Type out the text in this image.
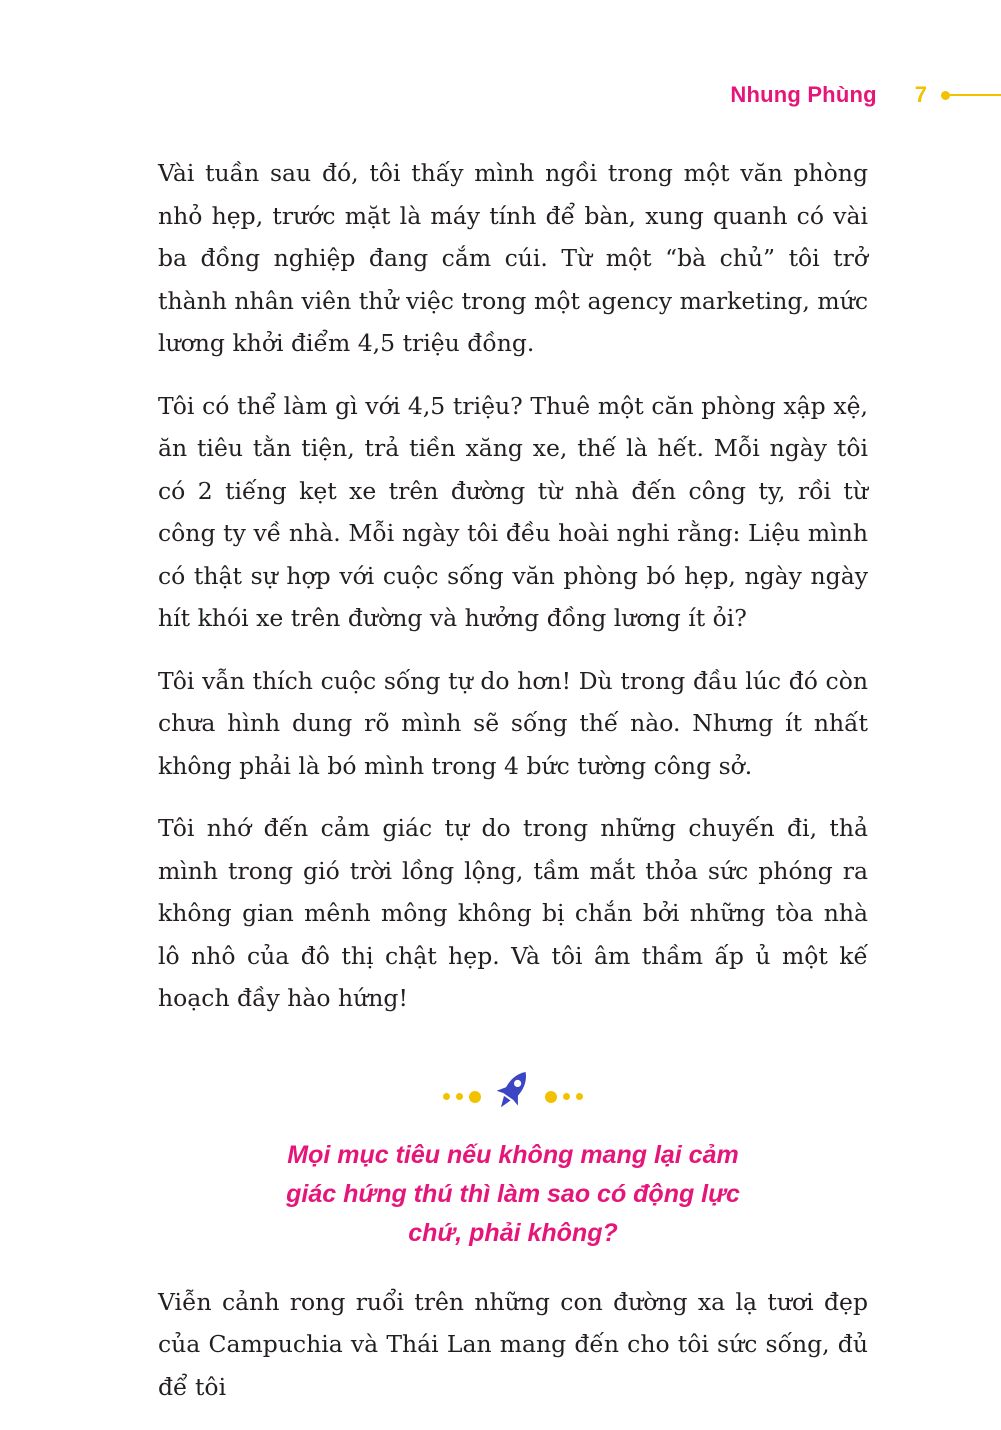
Nhung Phùng 7

Vài tuần sau đó, tôi thấy mình ngồi trong một văn phòng nhỏ hẹp, trước mặt là máy tính để bàn, xung quanh có vài ba đồng nghiệp đang cắm cúi. Từ một “bà chủ” tôi trở thành nhân viên thử việc trong một agency marketing, mức lương khởi điểm 4,5 triệu đồng.

Tôi có thể làm gì với 4,5 triệu? Thuê một căn phòng xập xệ, ăn tiêu tằn tiện, trả tiền xăng xe, thế là hết. Mỗi ngày tôi có 2 tiếng kẹt xe trên đường từ nhà đến công ty, rồi từ công ty về nhà. Mỗi ngày tôi đều hoài nghi rằng: Liệu mình có thật sự hợp với cuộc sống văn phòng bó hẹp, ngày ngày hít khói xe trên đường và hưởng đồng lương ít ỏi?

Tôi vẫn thích cuộc sống tự do hơn! Dù trong đầu lúc đó còn chưa hình dung rõ mình sẽ sống thế nào. Nhưng ít nhất không phải là bó mình trong 4 bức tường công sở.

Tôi nhớ đến cảm giác tự do trong những chuyến đi, thả mình trong gió trời lồng lộng, tầm mắt thỏa sức phóng ra không gian mênh mông không bị chắn bởi những tòa nhà lô nhô của đô thị chật hẹp. Và tôi âm thầm ấp ủ một kế hoạch đầy hào hứng!

Mọi mục tiêu nếu không mang lại cảm
giác hứng thú thì làm sao có động lực
chứ, phải không?

Viễn cảnh rong ruổi trên những con đường xa lạ tươi đẹp của Campuchia và Thái Lan mang đến cho tôi sức sống, đủ để tôi
